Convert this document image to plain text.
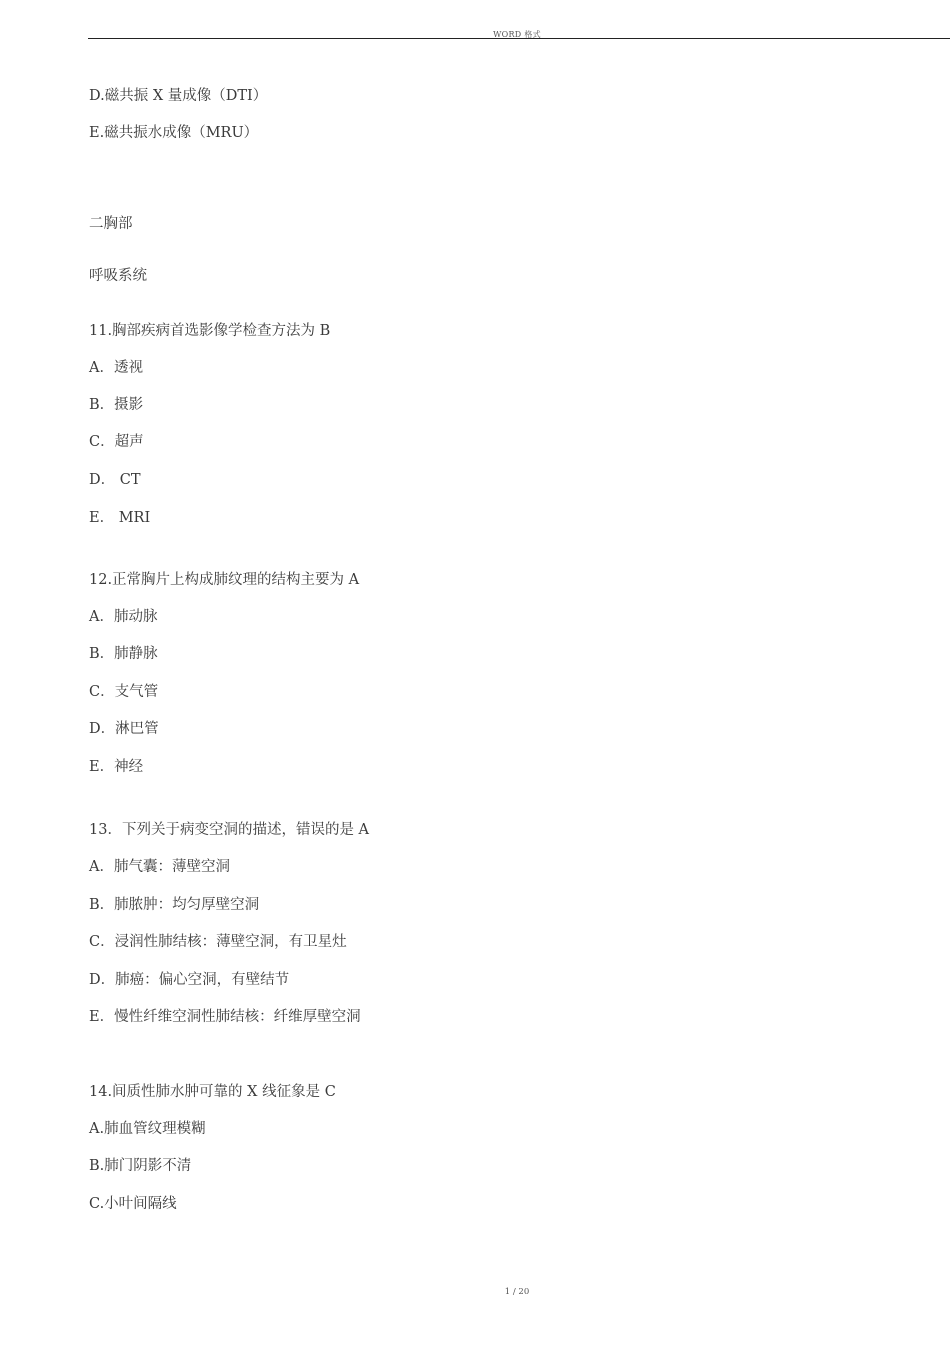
WORD 格式
D.磁共振 X 量成像（DTI）
E.磁共振水成像（MRU）
二胸部
呼吸系统
11.胸部疾病首选影像学检查方法为 B
A．透视
B．摄影
C．超声
D． CT
E． MRI
12.正常胸片上构成肺纹理的结构主要为 A
A．肺动脉
B．肺静脉
C．支气管
D．淋巴管
E．神经
13．下列关于病变空洞的描述，错误的是 A
A．肺气囊：薄壁空洞
B．肺脓肿：均匀厚壁空洞
C．浸润性肺结核：薄壁空洞，有卫星灶
D．肺癌：偏心空洞，有壁结节
E．慢性纤维空洞性肺结核：纤维厚壁空洞
14.间质性肺水肿可靠的 X 线征象是 C
A.肺血管纹理模糊
B.肺门阴影不清
C.小叶间隔线
1 / 20
